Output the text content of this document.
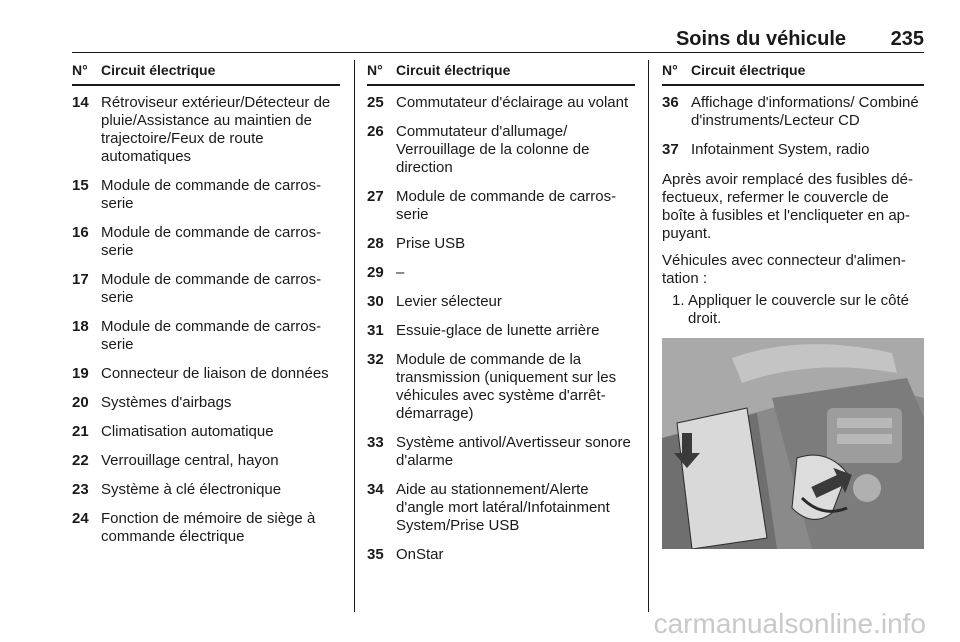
Soins du véhicule 235
N° Circuit électrique
14 Rétroviseur extérieur/Détecteur de pluie/Assistance au maintien de trajectoire/Feux de route automatiques
15 Module de commande de carrosserie
16 Module de commande de carrosserie
17 Module de commande de carrosserie
18 Module de commande de carrosserie
19 Connecteur de liaison de données
20 Systèmes d'airbags
21 Climatisation automatique
22 Verrouillage central, hayon
23 Système à clé électronique
24 Fonction de mémoire de siège à commande électrique
N° Circuit électrique
25 Commutateur d'éclairage au volant
26 Commutateur d'allumage/ Verrouillage de la colonne de direction
27 Module de commande de carrosserie
28 Prise USB
29 –
30 Levier sélecteur
31 Essuie-glace de lunette arrière
32 Module de commande de la transmission (uniquement sur les véhicules avec système d'arrêt-démarrage)
33 Système antivol/Avertisseur sonore d'alarme
34 Aide au stationnement/Alerte d'angle mort latéral/Infotainment System/Prise USB
35 OnStar
N° Circuit électrique
36 Affichage d'informations/ Combiné d'instruments/Lecteur CD
37 Infotainment System, radio

Après avoir remplacé des fusibles défectueux, refermer le couvercle de boîte à fusibles et l'encliqueter en appuyant.

Véhicules avec connecteur d'alimentation :

1. Appliquer le couvercle sur le côté droit.
carmanualsonline.info
